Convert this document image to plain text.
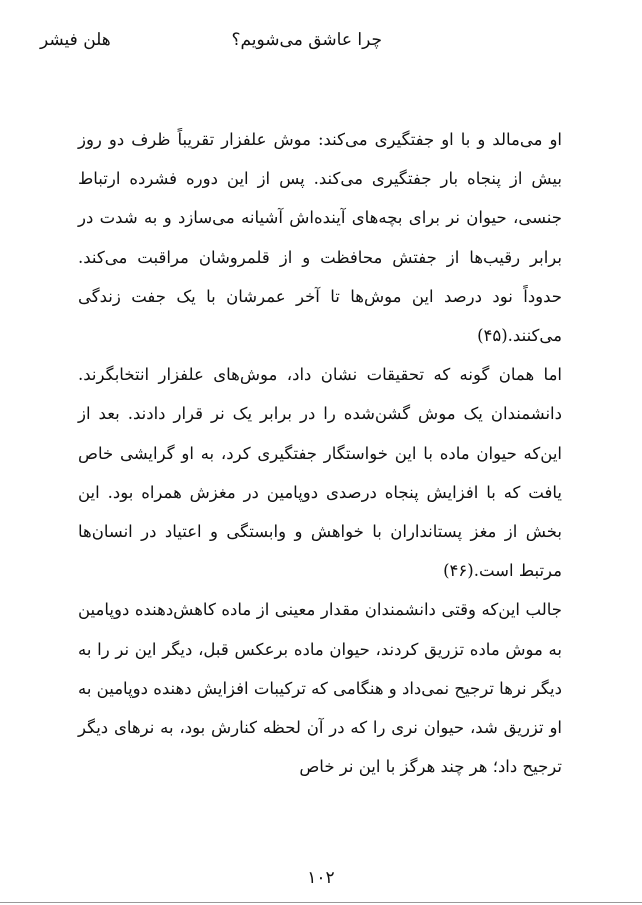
چرا عاشق می‌شویم؟
هلن فیشر

او می‌مالد و با او جفتگیری می‌کند: موش علفزار تقریباً ظرف دو روز بیش از پنجاه بار جفتگیری می‌کند. پس از این دوره فشرده ارتباط جنسی، حیوان نر برای بچه‌های آینده‌اش آشیانه می‌سازد و به شدت در برابر رقیب‌ها از جفتش محافظت و از قلمروشان مراقبت می‌کند. حدوداً نود درصد این موش‌ها تا آخر عمرشان با یک جفت زندگی می‌کنند.(۴۵)

اما همان گونه که تحقیقات نشان داد، موش‌های علفزار انتخابگرند. دانشمندان یک موش گشن‌شده را در برابر یک نر قرار دادند. بعد از این‌که حیوان ماده با این خواستگار جفتگیری کرد، به او گرایشی خاص یافت که با افزایش پنجاه درصدی دوپامین در مغزش همراه بود. این بخش از مغز پستانداران با خواهش و وابستگی و اعتیاد در انسان‌ها مرتبط است.(۴۶)

جالب این‌که وقتی دانشمندان مقدار معینی از ماده کاهش‌دهنده دوپامین به موش ماده تزریق کردند، حیوان ماده برعکس قبل، دیگر این نر را به دیگر نرها ترجیح نمی‌داد و هنگامی که ترکیبات افزایش دهنده دوپامین به او تزریق شد، حیوان نری را که در آن لحظه کنارش بود، به نرهای دیگر ترجیح داد؛ هر چند هرگز با این نر خاص

۱۰۲
